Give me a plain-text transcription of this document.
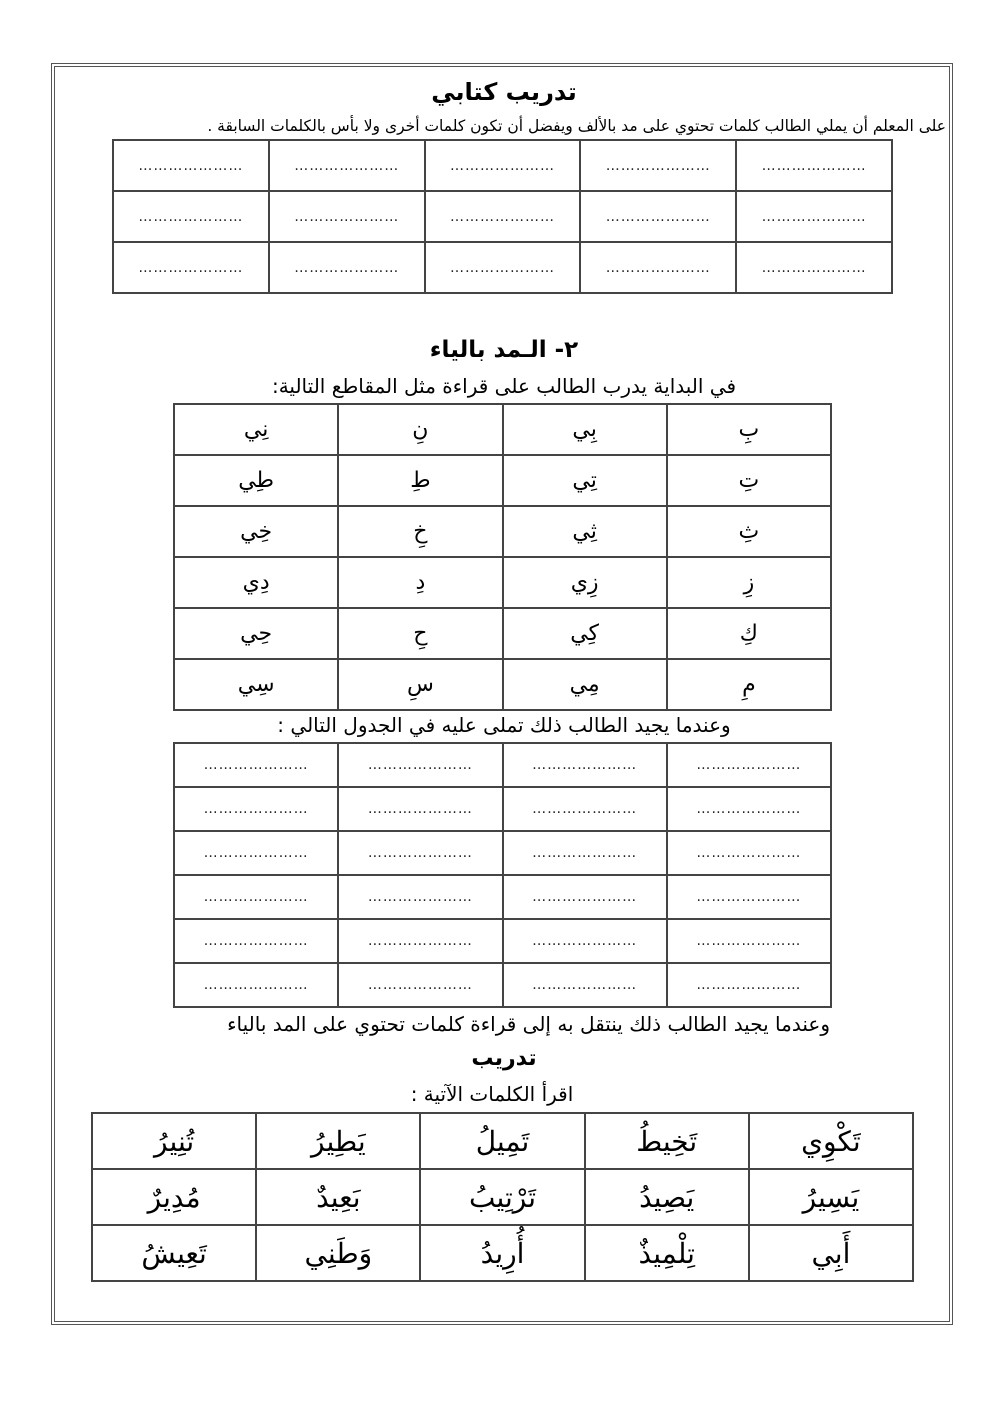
تدريب كتابي
على المعلم أن يملي الطالب كلمات تحتوي على مد بالألف ويفضل أن تكون كلمات أخرى ولا بأس بالكلمات السابقة .
…………………	…………………	…………………	…………………	…………………
…………………	…………………	…………………	…………………	…………………
…………………	…………………	…………………	…………………	…………………
٢- الـمد بالياء
في البداية يدرب الطالب على قراءة مثل المقاطع التالية:
بِ	بِي	نِ	نِي
تِ	تِي	طِ	طِي
ثِ	ثِي	خِ	خِي
زِ	زِي	دِ	دِي
كِ	كِي	حِ	حِي
مِ	مِي	سِ	سِي
وعندما يجيد الطالب ذلك تملى عليه في الجدول التالي :
…………………	…………………	…………………	…………………
…………………	…………………	…………………	…………………
…………………	…………………	…………………	…………………
…………………	…………………	…………………	…………………
…………………	…………………	…………………	…………………
…………………	…………………	…………………	…………………
وعندما يجيد الطالب ذلك ينتقل به إلى قراءة كلمات تحتوي على المد بالياء
تدريب
اقرأ الكلمات الآتية :
تَكْوِي	تَخِيطُ	تَمِيلُ	يَطِيرُ	تُنِيرُ
يَسِيرُ	يَصِيدُ	تَرْتِيبُ	بَعِيدٌ	مُدِيرٌ
أَبِي	تِلْمِيذٌ	أُرِيدُ	وَطَنِي	تَعِيشُ
